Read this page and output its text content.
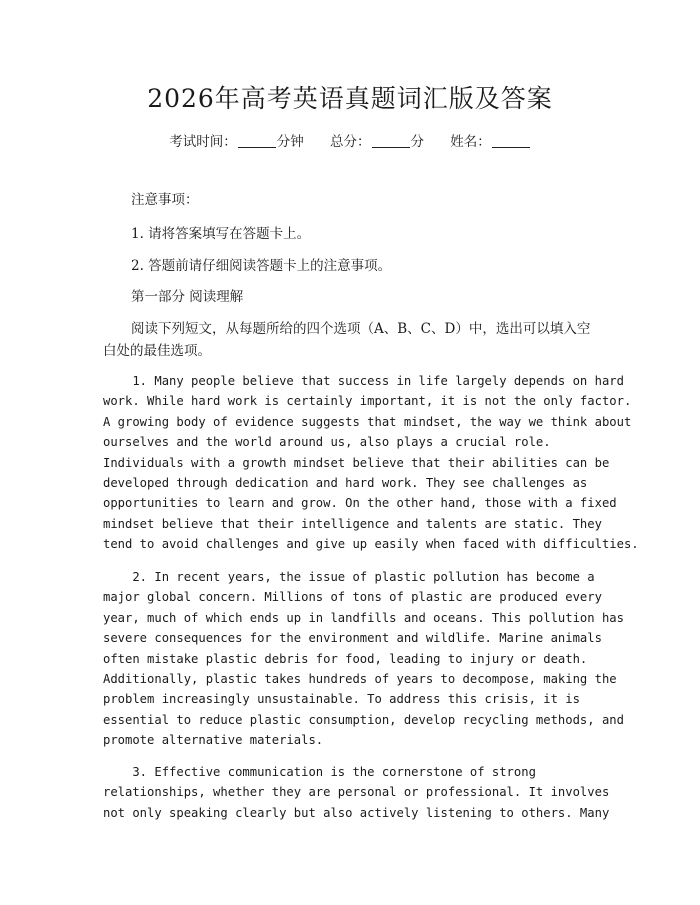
2026年高考英语真题词汇版及答案
考试时间：	分钟 总分：	分 姓名：
注意事项：
1. 请将答案填写在答题卡上。
2. 答题前请仔细阅读答题卡上的注意事项。
第一部分 阅读理解
阅读下列短文，从每题所给的四个选项（A、B、C、D）中，选出可以填入空白处的最佳选项。
1. Many people believe that success in life largely depends on hard
work. While hard work is certainly important, it is not the only factor.
A growing body of evidence suggests that mindset, the way we think about
ourselves and the world around us, also plays a crucial role.
Individuals with a growth mindset believe that their abilities can be
developed through dedication and hard work. They see challenges as
opportunities to learn and grow. On the other hand, those with a fixed
mindset believe that their intelligence and talents are static. They
tend to avoid challenges and give up easily when faced with difficulties.
2. In recent years, the issue of plastic pollution has become a
major global concern. Millions of tons of plastic are produced every
year, much of which ends up in landfills and oceans. This pollution has
severe consequences for the environment and wildlife. Marine animals
often mistake plastic debris for food, leading to injury or death.
Additionally, plastic takes hundreds of years to decompose, making the
problem increasingly unsustainable. To address this crisis, it is
essential to reduce plastic consumption, develop recycling methods, and
promote alternative materials.
3. Effective communication is the cornerstone of strong
relationships, whether they are personal or professional. It involves
not only speaking clearly but also actively listening to others. Many
